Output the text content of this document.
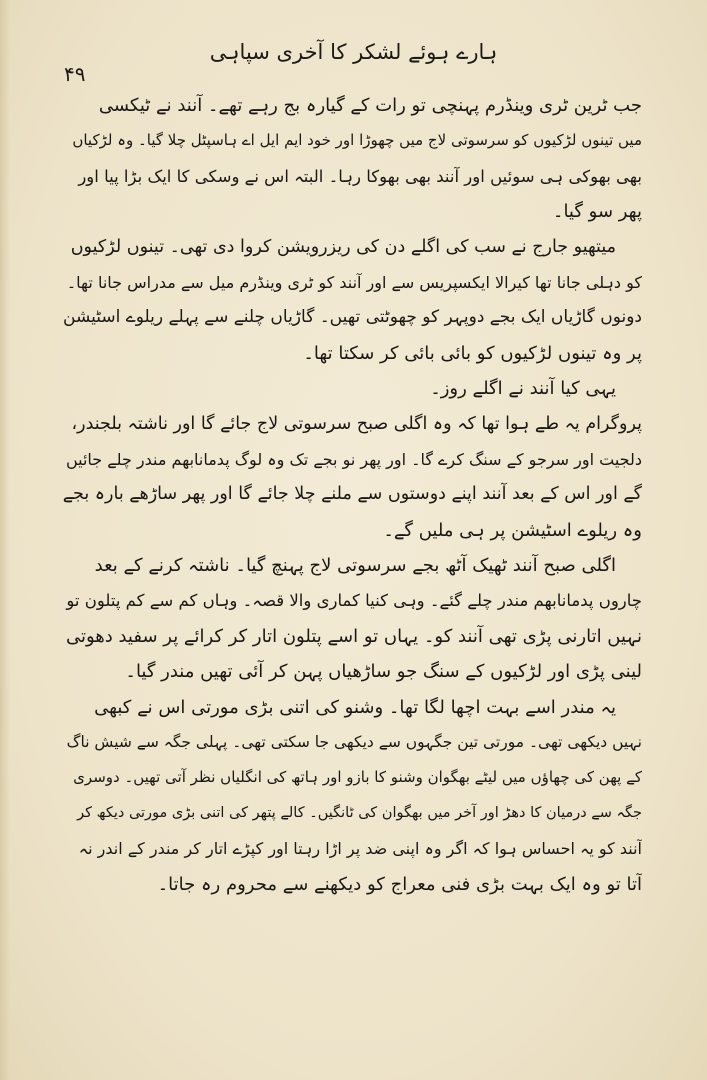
ہارے ہوئے لشکر کا آخری سپاہی
۴۹
جب ٹرین ٹری وینڈرم پہنچی تو رات کے گیارہ بج رہے تھے۔ آنند نے ٹیکسی
میں تینوں لڑکیوں کو سرسوتی لاج میں چھوڑا اور خود ایم ایل اے ہاسپٹل چلا گیا۔ وہ لڑکیاں
بھی بھوکی ہی سوئیں اور آنند بھی بھوکا رہا۔ البتہ اس نے وسکی کا ایک بڑا پیا اور
پھر سو گیا۔
میتھیو جارج نے سب کی اگلے دن کی ریزرویشن کروا دی تھی۔ تینوں لڑکیوں
کو دہلی جانا تھا کیرالا ایکسپریس سے اور آنند کو ٹری وینڈرم میل سے مدراس جانا تھا۔
دونوں گاڑیاں ایک بجے دوپہر کو چھوٹتی تھیں۔ گاڑیاں چلنے سے پہلے ریلوے اسٹیشن
پر وہ تینوں لڑکیوں کو بائی بائی کر سکتا تھا۔
یہی کیا آنند نے اگلے روز۔
پروگرام یہ طے ہوا تھا کہ وہ اگلی صبح سرسوتی لاج جائے گا اور ناشتہ بلجندر،
دلجیت اور سرجو کے سنگ کرے گا۔ اور پھر نو بجے تک وہ لوگ پدمانابھم مندر چلے جائیں
گے اور اس کے بعد آنند اپنے دوستوں سے ملنے چلا جائے گا اور پھر ساڑھے بارہ بجے
وہ ریلوے اسٹیشن پر ہی ملیں گے۔
اگلی صبح آنند ٹھیک آٹھ بجے سرسوتی لاج پہنچ گیا۔ ناشتہ کرنے کے بعد
چاروں پدمانابھم مندر چلے گئے۔ وہی کنیا کماری والا قصہ۔ وہاں کم سے کم پتلون تو
نہیں اتارنی پڑی تھی آنند کو۔ یہاں تو اسے پتلون اتار کر کرائے پر سفید دھوتی
لینی پڑی اور لڑکیوں کے سنگ جو ساڑھیاں پہن کر آئی تھیں مندر گیا۔
یہ مندر اسے بہت اچھا لگا تھا۔ وشنو کی اتنی بڑی مورتی اس نے کبھی
نہیں دیکھی تھی۔ مورتی تین جگہوں سے دیکھی جا سکتی تھی۔ پہلی جگہ سے شیش ناگ
کے پھن کی چھاؤں میں لیٹے بھگوان وشنو کا بازو اور ہاتھ کی انگلیاں نظر آتی تھیں۔ دوسری
جگہ سے درمیان کا دھڑ اور آخر میں بھگوان کی ٹانگیں۔ کالے پتھر کی اتنی بڑی مورتی دیکھ کر
آنند کو یہ احساس ہوا کہ اگر وہ اپنی ضد پر اڑا رہتا اور کپڑے اتار کر مندر کے اندر نہ
آتا تو وہ ایک بہت بڑی فنی معراج کو دیکھنے سے محروم رہ جاتا۔
